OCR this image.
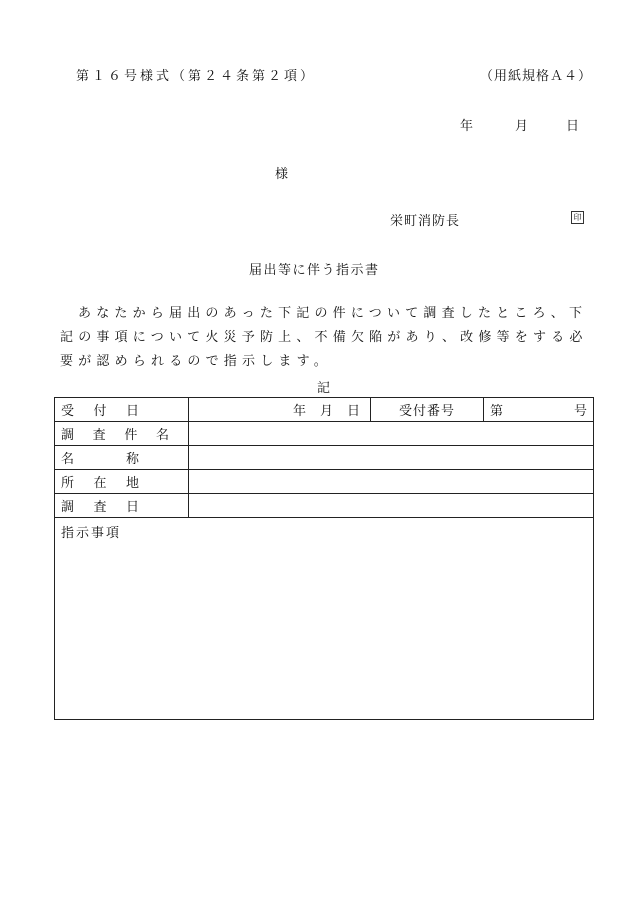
第１６号様式（第２４条第２項）	（用紙規格Ａ４）
年	月	日
様
栄町消防長	印
届出等に伴う指示書
あなたから届出のあった下記の件について調査したところ、下記の事項について火災予防上、不備欠陥があり、改修等をする必要が認められるので指示します。
記
受 付 日	年 月 日	受付番号	第 号

調 査 件 名			

名 称			

所 在 地			

調 査 日			

指示事項			
